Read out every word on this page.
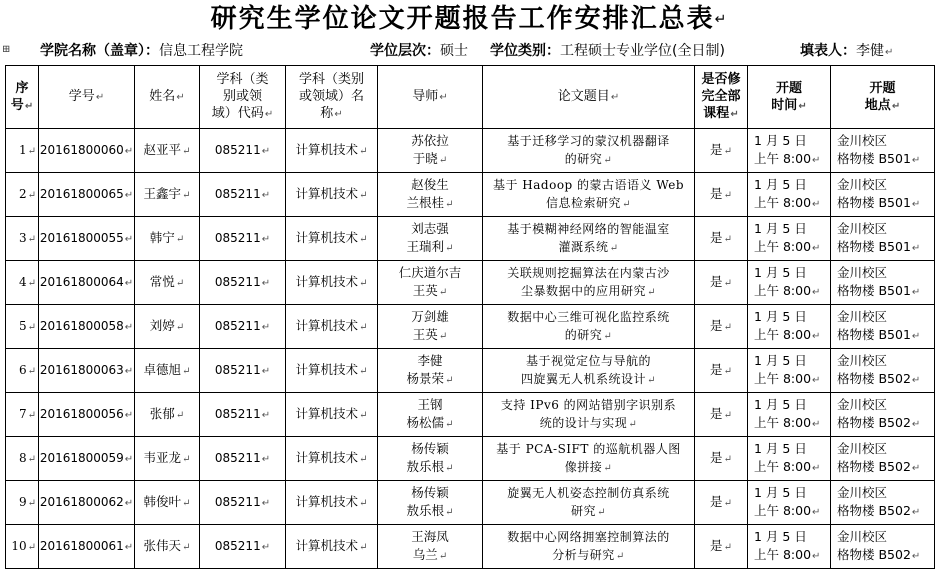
研究生学位论文开题报告工作安排汇总表↵
⊞ 学院名称（盖章）：信息工程学院	学位层次：硕士 学位类别：工程硕士专业学位(全日制)	填表人：李健↵
序
号↵	学号↵	姓名↵	学科（类
别或领
域）代码↵	学科（类别
或领域）名
称↵	导师↵	论文题目↵	是否修
完全部
课程↵	开题
时间↵	开题
地点↵

1↵	20161800060↵	赵亚平↵	085211↵	计算机技术↵	苏依拉
于晓↵	基于迁移学习的蒙汉机器翻译
的研究↵	是↵	1 月 5 日
上午 8:00↵	金川校区
格物楼 B501↵

2↵	20161800065↵	王鑫宇↵	085211↵	计算机技术↵	赵俊生
兰根桂↵	基于 Hadoop 的蒙古语语义 Web
信息检索研究↵	是↵	1 月 5 日
上午 8:00↵	金川校区
格物楼 B501↵

3↵	20161800055↵	韩宁↵	085211↵	计算机技术↵	刘志强
王瑞利↵	基于模糊神经网络的智能温室
灌溉系统↵	是↵	1 月 5 日
上午 8:00↵	金川校区
格物楼 B501↵

4↵	20161800064↵	常悦↵	085211↵	计算机技术↵	仁庆道尔吉
王英↵	关联规则挖掘算法在内蒙古沙
尘暴数据中的应用研究↵	是↵	1 月 5 日
上午 8:00↵	金川校区
格物楼 B501↵

5↵	20161800058↵	刘婷↵	085211↵	计算机技术↵	万剑雄
王英↵	数据中心三维可视化监控系统
的研究↵	是↵	1 月 5 日
上午 8:00↵	金川校区
格物楼 B501↵

6↵	20161800063↵	卓德旭↵	085211↵	计算机技术↵	李健
杨景荣↵	基于视觉定位与导航的
四旋翼无人机系统设计↵	是↵	1 月 5 日
上午 8:00↵	金川校区
格物楼 B502↵

7↵	20161800056↵	张郁↵	085211↵	计算机技术↵	王钢
杨松儒↵	支持 IPv6 的网站错别字识别系
统的设计与实现↵	是↵	1 月 5 日
上午 8:00↵	金川校区
格物楼 B502↵

8↵	20161800059↵	韦亚龙↵	085211↵	计算机技术↵	杨传颖
敖乐根↵	基于 PCA-SIFT 的巡航机器人图
像拼接↵	是↵	1 月 5 日
上午 8:00↵	金川校区
格物楼 B502↵

9↵	20161800062↵	韩俊叶↵	085211↵	计算机技术↵	杨传颖
敖乐根↵	旋翼无人机姿态控制仿真系统
研究↵	是↵	1 月 5 日
上午 8:00↵	金川校区
格物楼 B502↵

10↵	20161800061↵	张伟天↵	085211↵	计算机技术↵	王海凤
乌兰↵	数据中心网络拥塞控制算法的
分析与研究↵	是↵	1 月 5 日
上午 8:00↵	金川校区
格物楼 B502↵
